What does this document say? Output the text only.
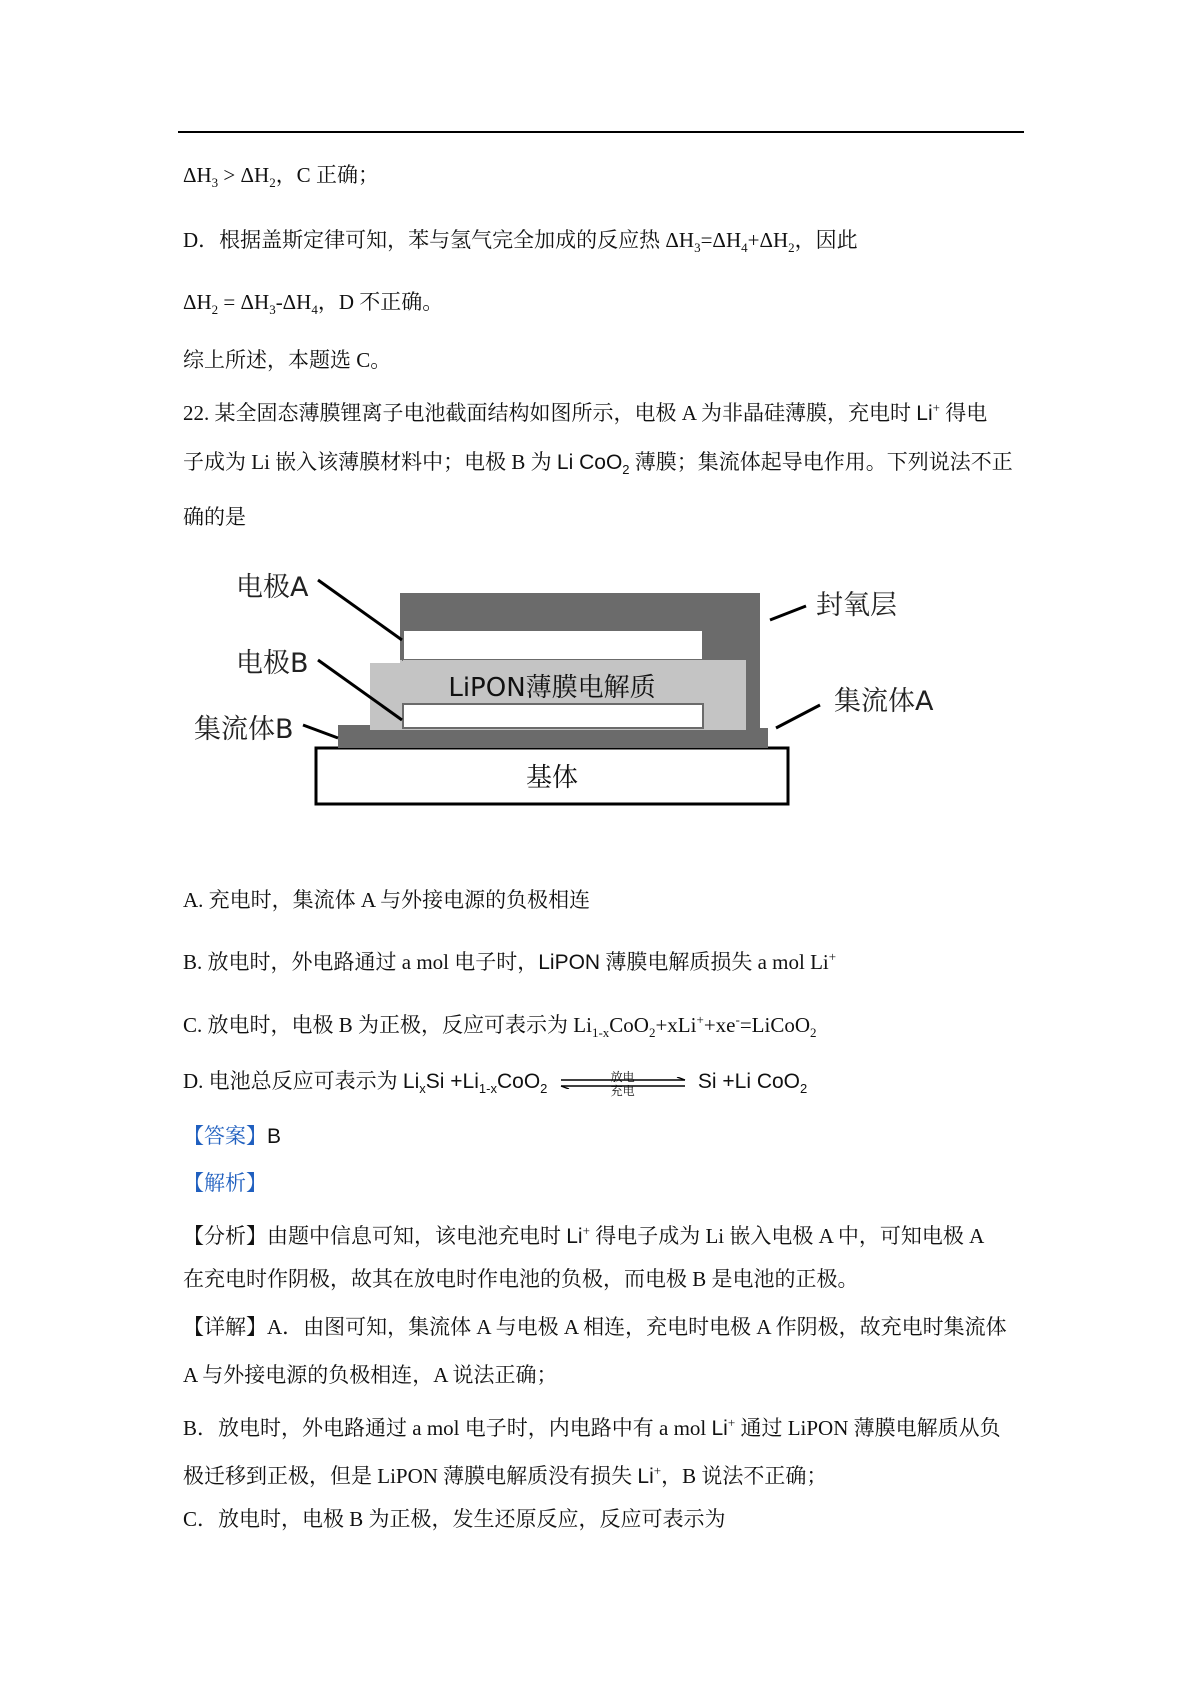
$\Delta H_3 > \Delta H_2$，C 正确；
D．根据盖斯定律可知，苯与氢气完全加成的反应热 $\Delta H_3=\Delta H_4+\Delta H_2$，因此
$\Delta H_2 = \Delta H_3-\Delta H_4$，D 不正确。
综上所述，本题选 C。
22. 某全固态薄膜锂离子电池截面结构如图所示，电极 A 为非晶硅薄膜，充电时 Li+ 得电
子成为 Li 嵌入该薄膜材料中；电极 B 为 Li CoO$_2$ 薄膜；集流体起导电作用。下列说法不正
确的是
基体
LiPON薄膜电解质
电极A
电极B
集流体B
封氧层
集流体A
A. 充电时，集流体 A 与外接电源的负极相连
B. 放电时，外电路通过 a mol 电子时，LiPON 薄膜电解质损失 a mol Li+
C. 放电时，电极 B 为正极，反应可表示为 $Li_{1-x}CoO_2+xLi^++xe^-=LiCoO_2$
D. 电池总反应可表示为 $Li_xSi +Li_{1-x}CoO_2$
放电
充电	Si +Li CoO$_2$
【答案】B
【解析】
【分析】由题中信息可知，该电池充电时 Li+ 得电子成为 Li 嵌入电极 A 中，可知电极 A
在充电时作阴极，故其在放电时作电池的负极，而电极 B 是电池的正极。
【详解】A．由图可知，集流体 A 与电极 A 相连，充电时电极 A 作阴极，故充电时集流体
A 与外接电源的负极相连，A 说法正确；
B．放电时，外电路通过 a mol 电子时，内电路中有 a mol Li+ 通过 LiPON 薄膜电解质从负
极迁移到正极，但是 LiPON 薄膜电解质没有损失 Li+，B 说法不正确；
C．放电时，电极 B 为正极，发生还原反应，反应可表示为
